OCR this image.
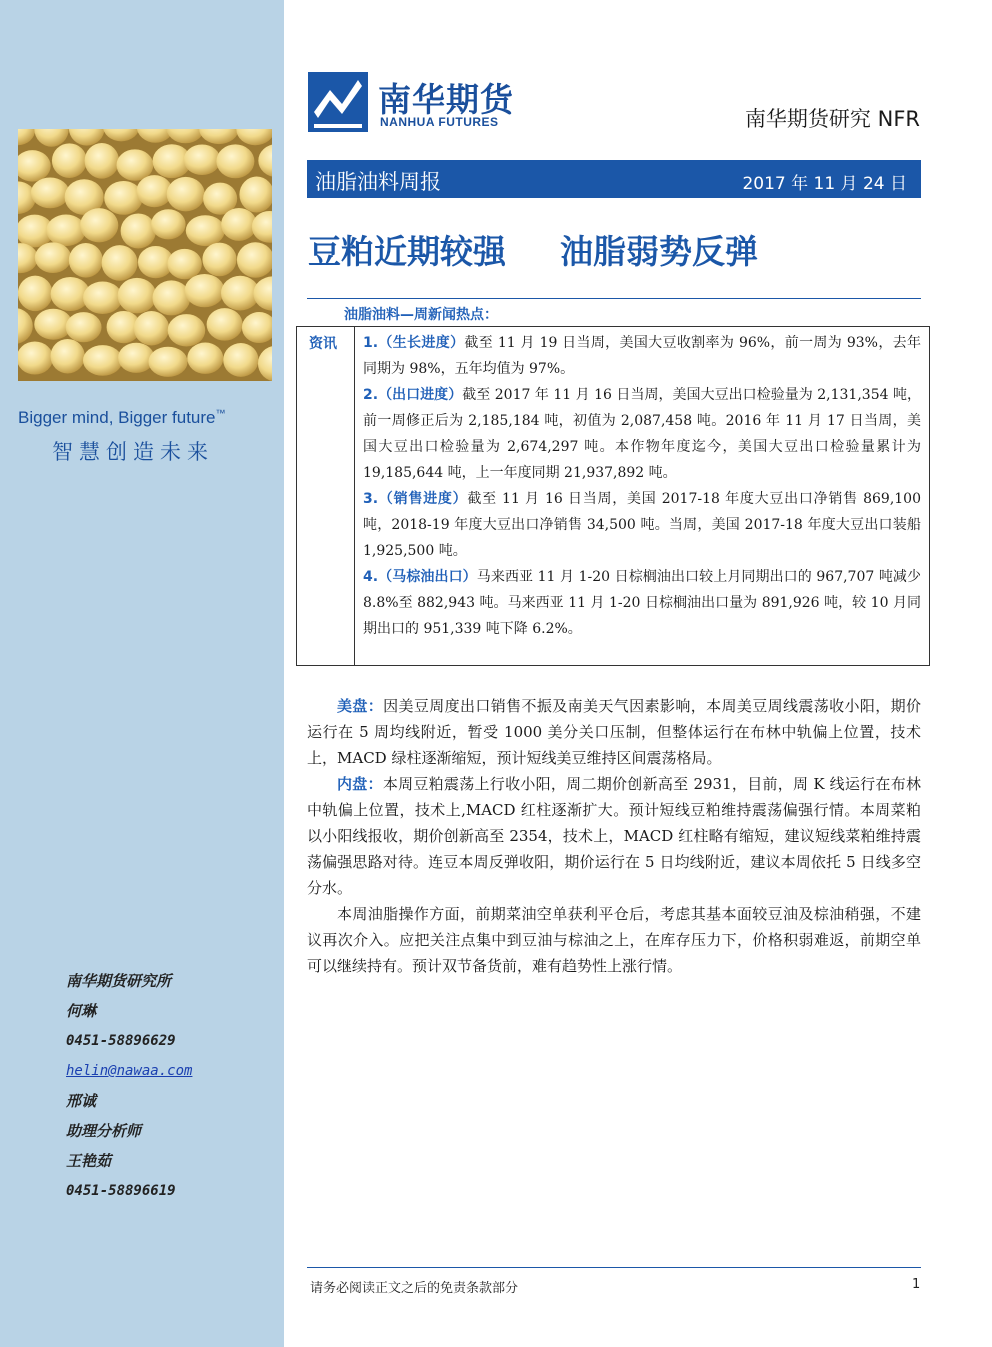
Bigger mind, Bigger future™
智慧创造未来
南华期货研究所
何琳
0451-58896629
helin@nawaa.com
邢诚
助理分析师
王艳茹
0451-58896619
南华期货
NANHUA FUTURES	南华期货研究 NFR
油脂油料周报	2017 年 11 月 24 日
豆粕近期较强 油脂弱势反弹
油脂油料—周新闻热点：
资讯 1.（生长进度）截至 11 月 19 日当周，美国大豆收割率为 96%，前一周为 93%，去年同期为 98%，五年均值为 97%。

2.（出口进度）截至 2017 年 11 月 16 日当周，美国大豆出口检验量为 2,131,354 吨，前一周修正后为 2,185,184 吨，初值为 2,087,458 吨。2016 年 11 月 17 日当周，美国大豆出口检验量为 2,674,297 吨。本作物年度迄今，美国大豆出口检验量累计为 19,185,644 吨，上一年度同期 21,937,892 吨。

3.（销售进度）截至 11 月 16 日当周，美国 2017-18 年度大豆出口净销售 869,100 吨，2018-19 年度大豆出口净销售 34,500 吨。当周，美国 2017-18 年度大豆出口装船 1,925,500 吨。

4.（马棕油出口）马来西亚 11 月 1-20 日棕榈油出口较上月同期出口的 967,707 吨减少 8.8%至 882,943 吨。马来西亚 11 月 1-20 日棕榈油出口量为 891,926 吨，较 10 月同期出口的 951,339 吨下降 6.2%。

美盘：因美豆周度出口销售不振及南美天气因素影响，本周美豆周线震荡收小阳，期价运行在 5 周均线附近，暂受 1000 美分关口压制，但整体运行在布林中轨偏上位置，技术上，MACD 绿柱逐渐缩短，预计短线美豆维持区间震荡格局。

内盘：本周豆粕震荡上行收小阳，周二期价创新高至 2931，目前，周 K 线运行在布林中轨偏上位置，技术上,MACD 红柱逐渐扩大。预计短线豆粕维持震荡偏强行情。本周菜粕以小阳线报收，期价创新高至 2354，技术上，MACD 红柱略有缩短，建议短线菜粕维持震荡偏强思路对待。连豆本周反弹收阳，期价运行在 5 日均线附近，建议本周依托 5 日线多空分水。

本周油脂操作方面，前期菜油空单获利平仓后，考虑其基本面较豆油及棕油稍强，不建议再次介入。应把关注点集中到豆油与棕油之上，在库存压力下，价格积弱难返，前期空单可以继续持有。预计双节备货前，难有趋势性上涨行情。

请务必阅读正文之后的免责条款部分	1
